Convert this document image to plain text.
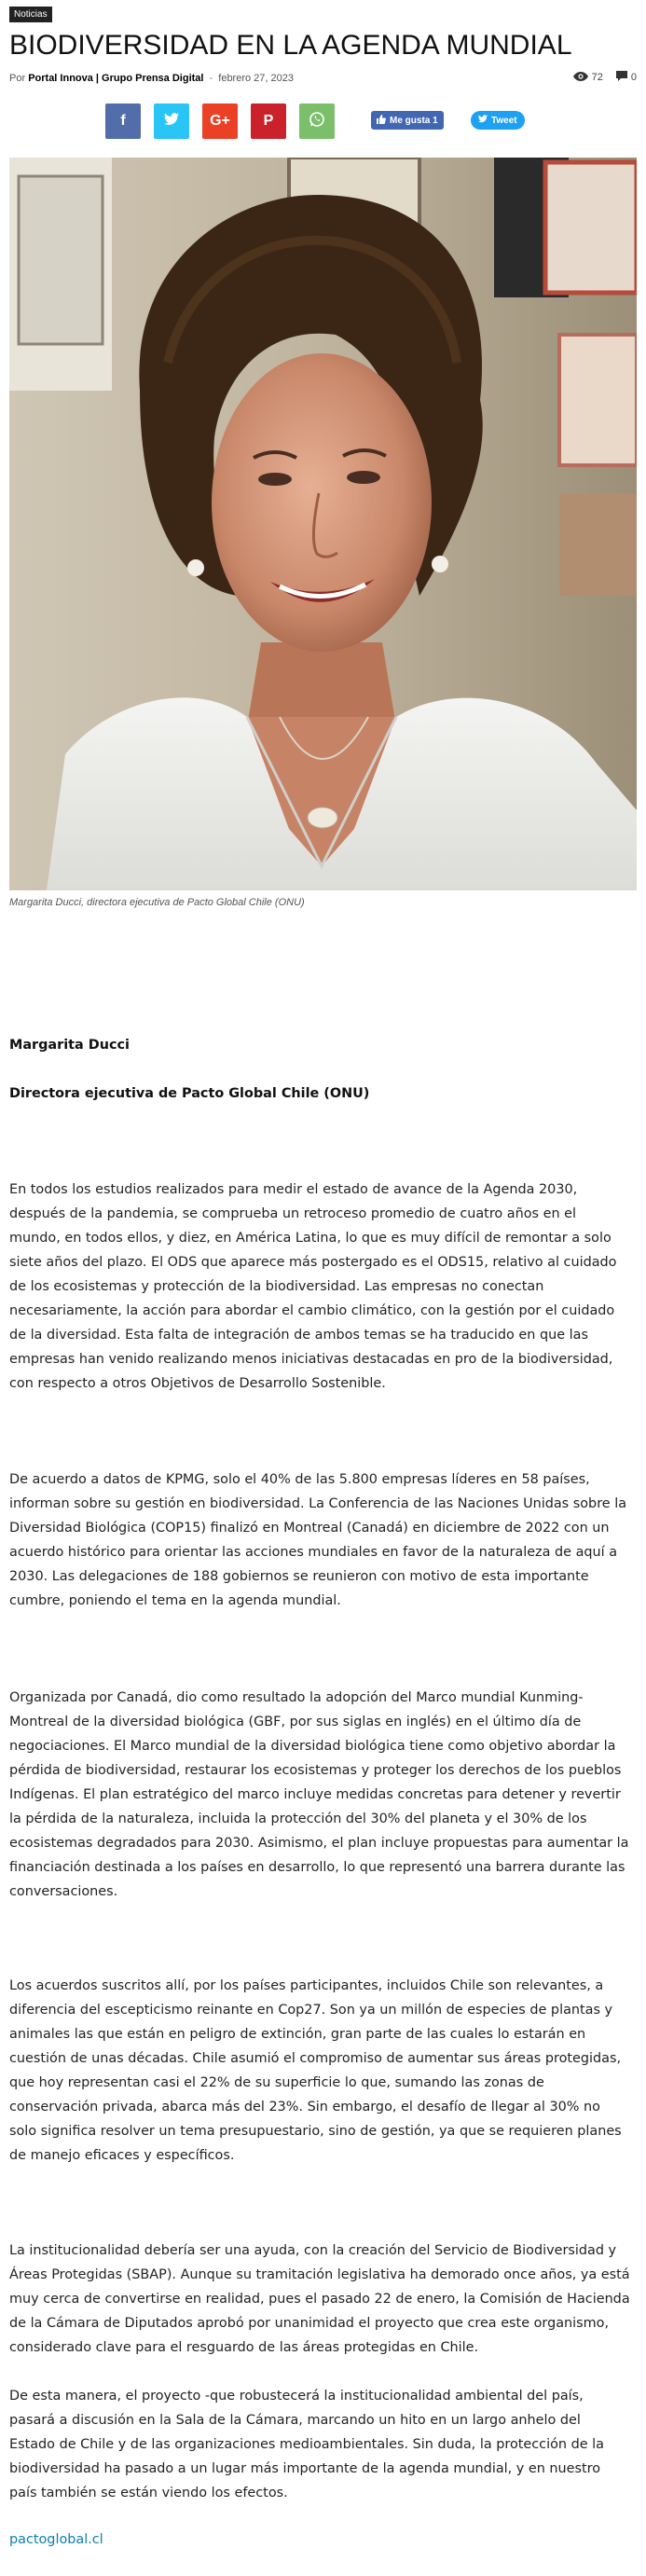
Noticias
BIODIVERSIDAD EN LA AGENDA MUNDIAL
Por Portal Innova | Grupo Prensa Digital - febrero 27, 2023	72	0
f	G+ P	Me gusta 1	Tweet
Margarita Ducci, directora ejecutiva de Pacto Global Chile (ONU)

Margarita Ducci

Directora ejecutiva de Pacto Global Chile (ONU)

En todos los estudios realizados para medir el estado de avance de la Agenda 2030, después de la pandemia, se comprueba un retroceso promedio de cuatro años en el mundo, en todos ellos, y diez, en América Latina, lo que es muy difícil de remontar a solo siete años del plazo. El ODS que aparece más postergado es el ODS15, relativo al cuidado de los ecosistemas y protección de la biodiversidad. Las empresas no conectan necesariamente, la acción para abordar el cambio climático, con la gestión por el cuidado de la diversidad. Esta falta de integración de ambos temas se ha traducido en que las empresas han venido realizando menos iniciativas destacadas en pro de la biodiversidad, con respecto a otros Objetivos de Desarrollo Sostenible.

De acuerdo a datos de KPMG, solo el 40% de las 5.800 empresas líderes en 58 países, informan sobre su gestión en biodiversidad. La Conferencia de las Naciones Unidas sobre la Diversidad Biológica (COP15) finalizó en Montreal (Canadá) en diciembre de 2022 con un acuerdo histórico para orientar las acciones mundiales en favor de la naturaleza de aquí a 2030. Las delegaciones de 188 gobiernos se reunieron con motivo de esta importante cumbre, poniendo el tema en la agenda mundial.

Organizada por Canadá, dio como resultado la adopción del Marco mundial Kunming-Montreal de la diversidad biológica (GBF, por sus siglas en inglés) en el último día de negociaciones. El Marco mundial de la diversidad biológica tiene como objetivo abordar la pérdida de biodiversidad, restaurar los ecosistemas y proteger los derechos de los pueblos Indígenas. El plan estratégico del marco incluye medidas concretas para detener y revertir la pérdida de la naturaleza, incluida la protección del 30% del planeta y el 30% de los ecosistemas degradados para 2030. Asimismo, el plan incluye propuestas para aumentar la financiación destinada a los países en desarrollo, lo que representó una barrera durante las conversaciones.

Los acuerdos suscritos allí, por los países participantes, incluidos Chile son relevantes, a diferencia del escepticismo reinante en Cop27. Son ya un millón de especies de plantas y animales las que están en peligro de extinción, gran parte de las cuales lo estarán en cuestión de unas décadas. Chile asumió el compromiso de aumentar sus áreas protegidas, que hoy representan casi el 22% de su superficie lo que, sumando las zonas de conservación privada, abarca más del 23%. Sin embargo, el desafío de llegar al 30% no solo significa resolver un tema presupuestario, sino de gestión, ya que se requieren planes de manejo eficaces y específicos.

La institucionalidad debería ser una ayuda, con la creación del Servicio de Biodiversidad y Áreas Protegidas (SBAP). Aunque su tramitación legislativa ha demorado once años, ya está muy cerca de convertirse en realidad, pues el pasado 22 de enero, la Comisión de Hacienda de la Cámara de Diputados aprobó por unanimidad el proyecto que crea este organismo, considerado clave para el resguardo de las áreas protegidas en Chile.

De esta manera, el proyecto -que robustecerá la institucionalidad ambiental del país, pasará a discusión en la Sala de la Cámara, marcando un hito en un largo anhelo del Estado de Chile y de las organizaciones medioambientales. Sin duda, la protección de la biodiversidad ha pasado a un lugar más importante de la agenda mundial, y en nuestro país también se están viendo los efectos.

pactoglobal.cl
